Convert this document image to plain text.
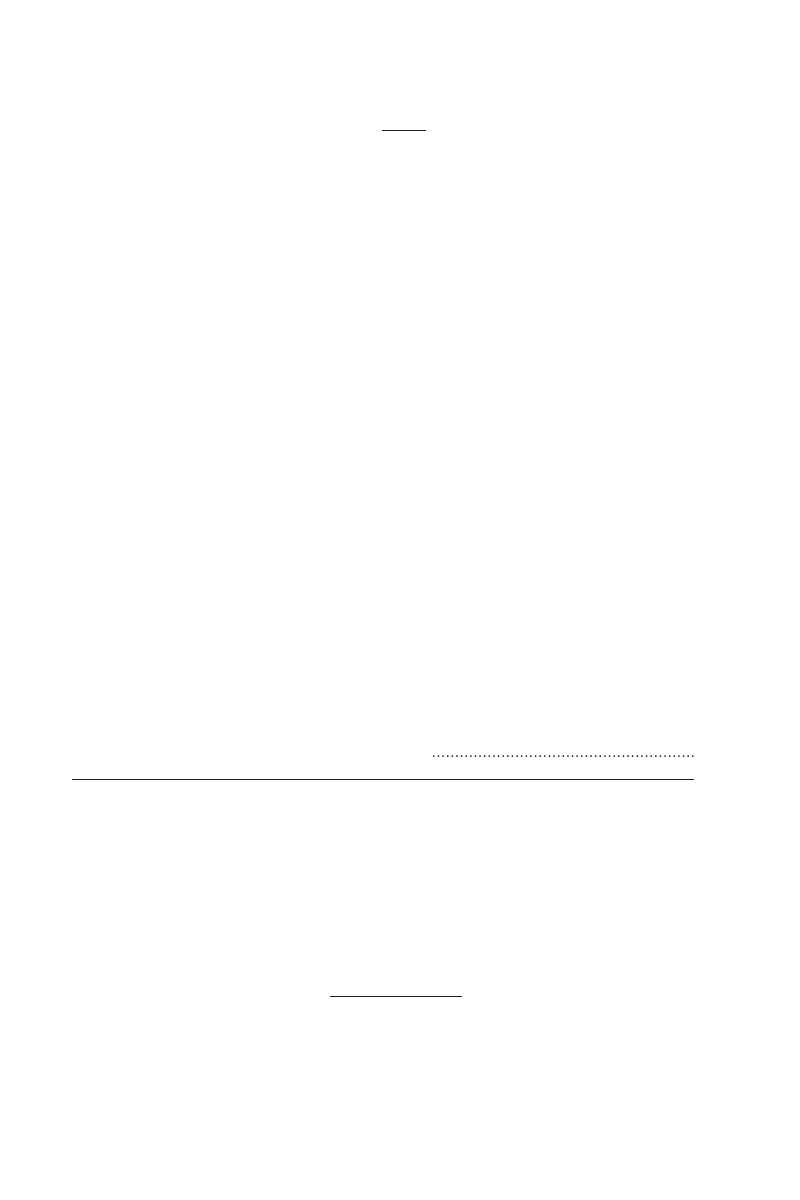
.........................................................
